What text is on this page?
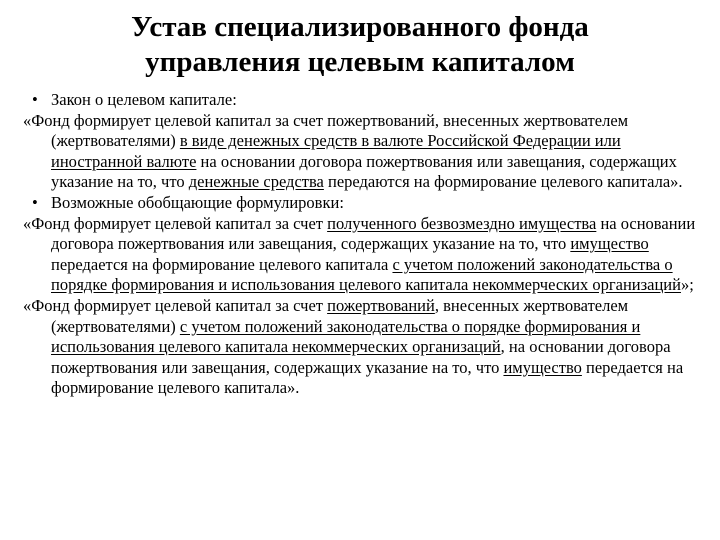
Устав специализированного фонда
управления целевым капиталом

• Закон о целевом капитале:

«Фонд формирует целевой капитал за счет пожертвований, внесенных жертвователем (жертвователями) в виде денежных средств в валюте Российской Федерации или иностранной валюте на основании договора пожертвования или завещания, содержащих указание на то, что денежные средства передаются на формирование целевого капитала».

• Возможные обобщающие формулировки:

«Фонд формирует целевой капитал за счет полученного безвозмездно имущества на основании договора пожертвования или завещания, содержащих указание на то, что имущество передается на формирование целевого капитала с учетом положений законодательства о порядке формирования и использования целевого капитала некоммерческих организаций»;

«Фонд формирует целевой капитал за счет пожертвований, внесенных жертвователем (жертвователями) с учетом положений законодательства о порядке формирования и использования целевого капитала некоммерческих организаций, на основании договора пожертвования или завещания, содержащих указание на то, что имущество передается на формирование целевого капитала».
